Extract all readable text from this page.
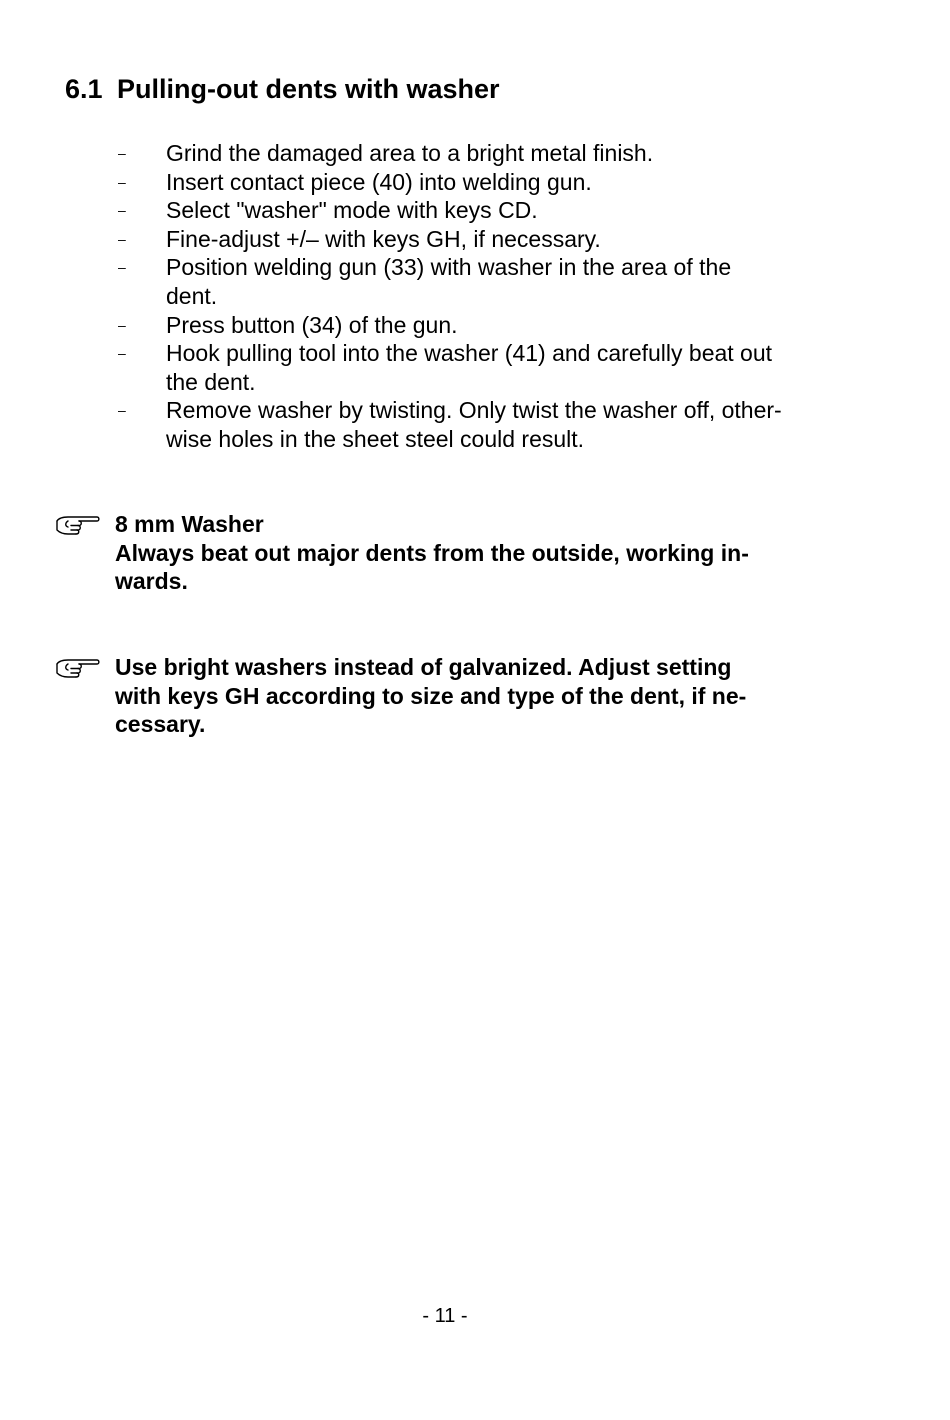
6.1 Pulling-out dents with washer
– Grind the damaged area to a bright metal finish.
– Insert contact piece (40) into welding gun.
– Select "washer" mode with keys CD.
– Fine-adjust +/– with keys GH, if necessary.
– Position welding gun (33) with washer in the area of the
dent.
– Press button (34) of the gun.
– Hook pulling tool into the washer (41) and carefully beat out
the dent.
– Remove washer by twisting. Only twist the washer off, other-
wise holes in the sheet steel could result.
8 mm Washer
Always beat out major dents from the outside, working in-
wards.
Use bright washers instead of galvanized. Adjust setting
with keys GH according to size and type of the dent, if ne-
cessary.
- 11 -
